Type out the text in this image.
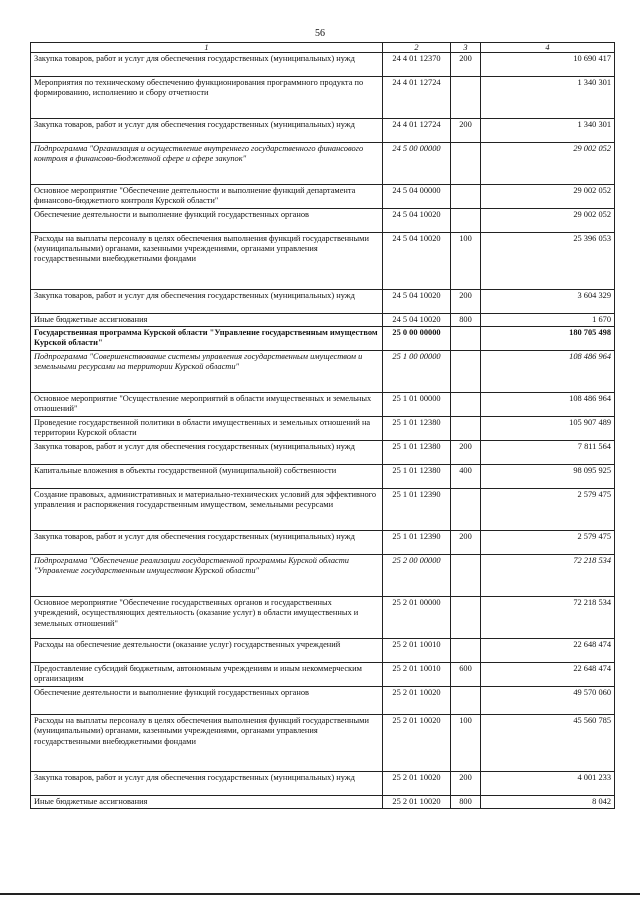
56
1	2	3	4
Закупка товаров, работ и услуг для обеспечения государственных (муниципальных) нужд	24 4 01 12370	200	10 690 417
Мероприятия по техническому обеспечению функционирования программного продукта по формированию, исполнению и сбору отчетности	24 4 01 12724		1 340 301
Закупка товаров, работ и услуг для обеспечения государственных (муниципальных) нужд	24 4 01 12724	200	1 340 301
Подпрограмма "Организация и осуществление внутреннего государственного финансового контроля в финансово-бюджетной сфере и сфере закупок"	24 5 00 00000		29 002 052
Основное мероприятие "Обеспечение деятельности и выполнение функций департамента финансово-бюджетного контроля Курской области"	24 5 04 00000		29 002 052
Обеспечение деятельности и выполнение функций государственных органов	24 5 04 10020		29 002 052
Расходы на выплаты персоналу в целях обеспечения выполнения функций государственными (муниципальными) органами, казенными учреждениями, органами управления государственными внебюджетными фондами	24 5 04 10020	100	25 396 053
Закупка товаров, работ и услуг для обеспечения государственных (муниципальных) нужд	24 5 04 10020	200	3 604 329
Иные бюджетные ассигнования	24 5 04 10020	800	1 670
Государственная программа Курской области "Управление государственным имуществом Курской области"	25 0 00 00000		180 705 498
Подпрограмма "Совершенствование системы управления государственным имуществом и земельными ресурсами на территории Курской области"	25 1 00 00000		108 486 964
Основное мероприятие "Осуществление мероприятий в области имущественных и земельных отношений"	25 1 01 00000		108 486 964
Проведение государственной политики в области имущественных и земельных отношений на территории Курской области	25 1 01 12380		105 907 489
Закупка товаров, работ и услуг для обеспечения государственных (муниципальных) нужд	25 1 01 12380	200	7 811 564
Капитальные вложения в объекты государственной (муниципальной) собственности	25 1 01 12380	400	98 095 925
Создание правовых, административных и материально-технических условий для эффективного управления и распоряжения государственным имуществом, земельными ресурсами	25 1 01 12390		2 579 475
Закупка товаров, работ и услуг для обеспечения государственных (муниципальных) нужд	25 1 01 12390	200	2 579 475
Подпрограмма "Обеспечение реализации государственной программы Курской области "Управление государственным имуществом Курской области"	25 2 00 00000		72 218 534
Основное мероприятие "Обеспечение государственных органов и государственных учреждений, осуществляющих деятельность (оказание услуг) в области имущественных и земельных отношений"	25 2 01 00000		72 218 534
Расходы на обеспечение деятельности (оказание услуг) государственных учреждений	25 2 01 10010		22 648 474
Предоставление субсидий бюджетным, автономным учреждениям и иным некоммерческим организациям	25 2 01 10010	600	22 648 474
Обеспечение деятельности и выполнение функций государственных органов	25 2 01 10020		49 570 060
Расходы на выплаты персоналу в целях обеспечения выполнения функций государственными (муниципальными) органами, казенными учреждениями, органами управления государственными внебюджетными фондами	25 2 01 10020	100	45 560 785
Закупка товаров, работ и услуг для обеспечения государственных (муниципальных) нужд	25 2 01 10020	200	4 001 233
Иные бюджетные ассигнования	25 2 01 10020	800	8 042
